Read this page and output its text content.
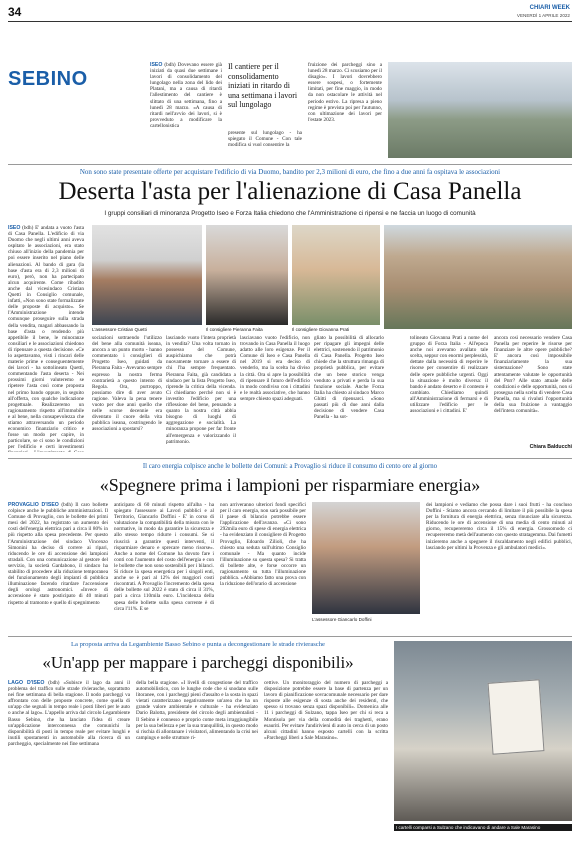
34	CHIARI WEEK
VENERDÌ 1 APRILE 2022
SEBINO
ISEO (bdh) Dovevano essere già iniziati da quasi due settimane i lavori di consolidamento del lungolago nella zona del lido dei Platani, ma a causa di ritardi l'allestimento del cantiere è slittato di una settimana, fino a lunedì 28 marzo. «A causa di ritardi nell'avvio dei lavori, si è provveduto a modificare la cartellonistica
Il cantiere per il consolidamento iniziati in ritardo di una settimana i lavori sul lungolago
presente sul lungolago - ha spiegato il Comune - Con tale modifica si vuol consentire la
fruizione dei parcheggi sino a lunedì 28 marzo. Ci scusiamo per il disagio». I lavori dovrebbero essere sospesi, o fortemente limitati, per fine maggio, in modo da non ostacolare le attività nel periodo estivo. La ripresa a pieno regime è prevista poi per l'autunno, con ultimazione dei lavori per l'estate 2023.
Non sono state presentate offerte per acquistare l'edificio di via Duomo, bandito per 2,3 milioni di euro, che fino a due anni fa ospitava le associazioni
Deserta l'asta per l'alienazione di Casa Panella
I gruppi consiliari di minoranza Progetto Iseo e Forza Italia chiedono che l'Amministrazione ci ripensi e ne faccia un luogo di comunità
ISEO (bdh) E' andata a vuoto l'asta di Casa Panella. L'edificio di via Duomo che negli ultimi anni aveva ospitato le associazioni, era stato chiuso all'inizio della pandemia per poi essere inserito nel piano delle alienazioni. Al bando di gara (la base d'asta era di 2,3 milioni di euro), però, non ha partecipato alcun acquirente. Come ribadito anche dal vicesindaco Cristian Quetti in Consiglio comunale, infatti, «Non sono state formalizzate delle proposte di acquisto». Se l'Amministrazione intende comunque proseguire sulla strada della vendita, magari abbassando la base d'asta o rendendo più appetibile il bene, le minoranze consiliari e le associazioni chiedono di ripensare a questa decisione. «Ce lo aspettavamo, visti i rincari delle materie prime e conseguentemente dei lavori - ha sottolineato Quetti, commentando l'asta deserta - Nei prossimi giorni valuteremo se ripetere l'asta così come proposta nel primo bando oppure, in seguito all'offerta, con qualche indicazione progettuale. Realizzeremo un ragionamento rispetto all'immobile e al bene, nella consapevolezza che stiamo attraversando un periodo economico finanziario critico e fosse un modo per capire, in particolare, se ci sono le condizioni per l'edificio e certi investimenti
L'assessore Cristian Quetti	Il consigliere Pieranna Faita	Il consigliere Giovanna Prati
sociazioni sottraendo l'utilizzo del bene alla comunità iseana, ancora a un punto morto - hanno commentato i consiglieri di Progetto Iseo, guidati da Pieranna Faita - Avevamo sempre espresso la nostra ferma contrarietà a questo intento di Regola. Ora, purtroppo, possiamo dire di aver avuto ragione. Valeva la pena tenere vuoto per due anni quello che nelle scorse decennie era diventato il cuore della vita pubblica iseana, costringendo le associazioni a spostarsi?
lasciando vuoto l'intera proprietà in vendita? Una volta tornato in possesso del Comune, auspichiamo che potrà nuovamente tornare a essere di chi l'ha sempre frequentato. Pieranna Faita, già candidata a sindaco per la lista Progetto Iseo, riprende la critica della vicenda. Ci chiediamo perché non si è investito l'edificio per una riflessione del bene, pensando a quanto la nostra città abbia bisogno di luoghi di aggregazione e socialità. La minoranza propone per far fronte all'emergenza e valorizzando il patrimonio.
lasciavano vuoto l'edificio, non trovando in Casa Panella il luogo adatto alle loro esigenze. Per il Comune di Iseo e Casa Panella nel 2019 si era deciso di venderlo, ma la scelta ha diviso la città. Ora si apre la possibilità di ripensare il futuro dell'edificio in modo condiviso con i cittadini e le realtà associative, che hanno sempre chiesto spazi adeguati.
gliato la possibilità di allocarlo per ripagare gli impegni delle elettrici, sostenendo il patrimonio di Casa Panella. Progetto Iseo chiede che la struttura rimanga di proprietà pubblica, per evitare che un bene storico venga venduto a privati e perda la sua funzione sociale. Anche Forza Italia ha chiesto al sindaco Marco Ghitti di ripensarci. «Sono passati più di due anni dalla decisione di vendere Casa Panella - ha sot-
tolineato Giovanna Prati a nome del gruppo di Forza Italia - All'epoca anche noi avevamo avallato tale scelta, seppur con enormi perplessità, dettate dalla necessità di reperire le risorse per consentire di realizzare delle opere pubbliche urgenti. Oggi la situazione è molto diversa: il bando è andato deserto e il contesto è cambiato. Chiediamo quindi all'Amministrazione di fermarsi e di utilizzare l'edificio per le associazioni e i cittadini. E'
ancora così necessario vendere Casa Panella per reperire le risorse per finanziare le altre opere pubbliche? E' ancora così impossibile finanziariamente la sua sistemazione? Sono state attentamente valutate le opportunità del Pnrr? Alle stato attuale delle condizioni e delle opportunità, non si prosegua nella scelta di vendere Casa Panella, ma si rivaluti l'opportunità della sua fruizione a vantaggio dell'intera comunità».
Chiara Balducchi
Il caro energia colpisce anche le bollette dei Comuni: a Provaglio si riduce il consumo di cento ore al giorno
«Spegnere prima i lampioni per risparmiare energia»
PROVAGLIO D'ISEO (bdh) Il caro bollette colpisce anche le pubbliche amministrazioni. Il Comune di Provaglio, con le bollette dei primi mesi del 2022, ha registrato un aumento dei costi dell'energia elettrica pari a circa il 80% in più rispetto alla spesa precedente. Per questo l'Amministrazione del sindaco Vincenzo Simonini ha deciso di correre ai ripari, riducendo le ore di accensione dei lampioni stradali. Con una comunicazione al gestore del servizio, la società Gardabono, il sindaco ha stabilito di procedere alla riduzione temporanea del funzionamento degli impianti di pubblica illuminazione facendo ritardare l'accensione degli orologi astronomici. «Invece di accensione è stato posticipato di 40 minuti rispetto al tramonto e quello di spegnimento
anticipato di 60 minuti rispetto all'alba - ha spiegato l'assessore ai Lavori pubblici e al Territorio, Giancarlo Doffini - E' in corso di valutazione la compatibilità della misura con le normative, in modo da garantire la sicurezza e allo stesso tempo ridurre i consumi. Se si riuscirà a garantire questi interventi, il risparmiare denaro e sprecare meno risorse». Anche a nome del Comune ha dovuto fare i conti con l'aumento del costo dell'energia e con le bollette che non sono sostenibili per i bilanci. Si riduce la spesa energetica per i singoli enti, anche se è pari al 12% dei maggiori costi riscontrati. A Provaglio l'incremento della spesa delle bollette sul 2022 è stato di circa il 31%, pari a circa 110mila euro. L'incidenza della spesa delle bollette sulla spesa corrente è di circa l'11%. E se
non arriveranno ulteriori fondi specifici per il caro energia, non sarà possibile per il paese di bilancio potrebbe essere l'applicazione dell'avanzo. «Ci sono 292mila euro di spese di energia elettrica - ha evidenziato il consigliere di Progetto Provaglio, Edoardo Zilioli, che ha chiesto una seduta sull'ultimo Consiglio comunale - Ma quanto incide l'illuminazione su questa spesa? Si tratta di bollette alte, e forse occorre un ragionamento su tutta l'illuminazione pubblica. «Abbiamo fatto una prova con la riduzione dell'orario di accensione
L'assessore Giancarlo Doffini
dei lampioni e vediamo che possa dare i suoi frutti - ha concluso Doffini - Stiamo ancora cercando di limitare il più possibile la spesa per la fornitura di energia elettrica, senza rinunciare alla sicurezza. Riducendo le ore di accensione di una media di cento minuti al giorno, recupereremo circa il 15% di energia. Grossomodo ci recupereremo metà dell'aumento con questo stratagemma. Dai fumetti inizieremo anche a spegnere il riscaldamento negli edifici pubblici, lasciando per ultimi la Provenza e gli ambulatori medici».
La proposta arriva da Legambiente Basso Sebino e punta a decongestionare le strade rivierasche
«Un'app per mappare i parcheggi disponibili»
LAGO D'ISEO (bdh) «Subisce il lago da anni il problema del traffico sulle strade rivierasche, soprattutto nei fine settimana di bella stagione. Il nodo parcheggi va affrontato con delle proposte concrete, come quella di un'app che segnali in tempo reale i posti liberi per le auto o anche al lago». L'appello arriva dal circolo Legambiente Basso Sebino, che ha lanciato l'idea di creare un'applicazione interconnessa che comunichi la disponibilità di posti in tempo reale per evitare lunghi e inutili spostamenti in automobile alla ricerca di un parcheggio, specialmente nei fine settimana
della bella stagione. «I livelli di congestione del traffico automobilistico, con le lunghe code che si snodano sulle litoranee, con i parcheggi pieni d'assalto e la sosta in spazi vietati caratterizzano negativamente un'area che ha un grande valore ambientale e culturale - ha evidenziato Dario Balotta, presidente del circolo degli ambientalisti - Il Sebino è connesso e proprio come meta irraggiungibile per la sua bellezza e per la sua tranquillità, in questo modo si rischia di allontanare i visitatori, alimentando la crisi nei campings e nelle strutture ri-
cettive. Un monitoraggio del numero di parcheggi a disposizione potrebbe essere la base di partenza per un lavoro di pianificazione sovracomunale necessario per dare risposte alle esigenze di sosta anche dei residenti, che spesso si trovano senza spazi disponibili». Domenica alle 11 i parcheggi di Sulzano, tappa Iseo per chi si reca a Montisola per via della comodità dei traghetti, erano esauriti. Per evitare l'andirivieni di auto in cerca di un posto alcuni cittadini hanno esposto cartelli con la scritta «Parcheggi liberi a Sale Marasino».
I cartelli comparsi a Sulzano che indicavano di andare a Sale Marasino
